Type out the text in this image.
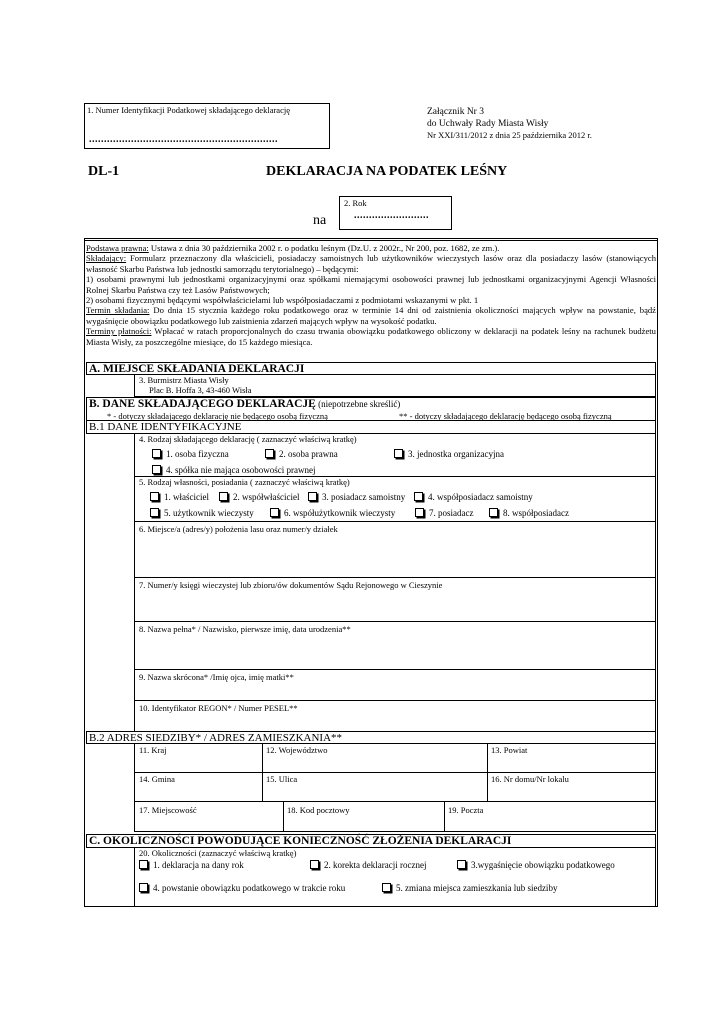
1. Numer Identyfikacji Podatkowej składającego deklarację
...............................................................
Załącznik Nr 3
do Uchwały Rady Miasta Wisły
Nr XXI/311/2012 z dnia 25 października 2012 r.
DL-1	DEKLARACJA NA PODATEK LEŚNY
na
2. Rok
.........................
Podstawa prawna: Ustawa z dnia 30 października 2002 r. o podatku leśnym (Dz.U. z 2002r., Nr 200, poz. 1682, ze zm.).
Składający: Formularz przeznaczony dla właścicieli, posiadaczy samoistnych lub użytkowników wieczystych lasów oraz dla posiadaczy lasów (stanowiących własność Skarbu Państwa lub jednostki samorządu terytorialnego) – będącymi:
1) osobami prawnymi lub jednostkami organizacyjnymi oraz spółkami niemającymi osobowości prawnej lub jednostkami organizacyjnymi Agencji Własności Rolnej Skarbu Państwa czy też Lasów Państwowych;
2) osobami fizycznymi będącymi współwłaścicielami lub współposiadaczami z podmiotami wskazanymi w pkt. 1
Termin składania: Do dnia 15 stycznia każdego roku podatkowego oraz w terminie 14 dni od zaistnienia okoliczności mających wpływ na powstanie, bądź wygaśnięcie obowiązku podatkowego lub zaistnienia zdarzeń mających wpływ na wysokość podatku.
Terminy płatności: Wpłacać w ratach proporcjonalnych do czasu trwania obowiązku podatkowego obliczony w deklaracji na podatek leśny na rachunek budżetu Miasta Wisły, za poszczególne miesiące, do 15 każdego miesiąca.
A. MIEJSCE SKŁADANIA DEKLARACJI
3. Burmistrz Miasta Wisły
Plac B. Hoffa 3, 43-460 Wisła
B. DANE SKŁADAJĄCEGO DEKLARACJĘ (niepotrzebne skreślić)
* - dotyczy składającego deklarację nie będącego osobą fizyczną	** - dotyczy składającego deklarację będącego osobą fizyczną
B.1 DANE IDENTYFIKACYJNE
4. Rodzaj składającego deklarację ( zaznaczyć właściwą kratkę)
1. osoba fizyczna	2. osoba prawna	3. jednostka organizacyjna
4. spółka nie mająca osobowości prawnej
5. Rodzaj własności, posiadania ( zaznaczyć właściwą kratkę)
1. właściciel	2. współwłaściciel	3. posiadacz samoistny	4. współposiadacz samoistny
5. użytkownik wieczysty	6. współużytkownik wieczysty	7. posiadacz	8. współposiadacz
6. Miejsce/a (adres/y) położenia lasu oraz numer/y działek
7. Numer/y księgi wieczystej lub zbioru/ów dokumentów Sądu Rejonowego w Cieszynie
8. Nazwa pełna* / Nazwisko, pierwsze imię, data urodzenia**
9. Nazwa skrócona* /Imię ojca, imię matki**
10. Identyfikator REGON* / Numer PESEL**
B.2 ADRES SIEDZIBY* / ADRES ZAMIESZKANIA**
11. Kraj	12. Województwo	13. Powiat
14. Gmina	15. Ulica	16. Nr domu/Nr lokalu
17. Miejscowość	18. Kod pocztowy	19. Poczta
C. OKOLICZNOŚCI POWODUJĄCE KONIECZNOŚĆ ZŁOŻENIA DEKLARACJI
20. Okoliczności (zaznaczyć właściwą kratkę)
1. deklaracja na dany rok	2. korekta deklaracji rocznej	3.wygaśnięcie obowiązku podatkowego
4. powstanie obowiązku podatkowego w trakcie roku	5. zmiana miejsca zamieszkania lub siedziby
